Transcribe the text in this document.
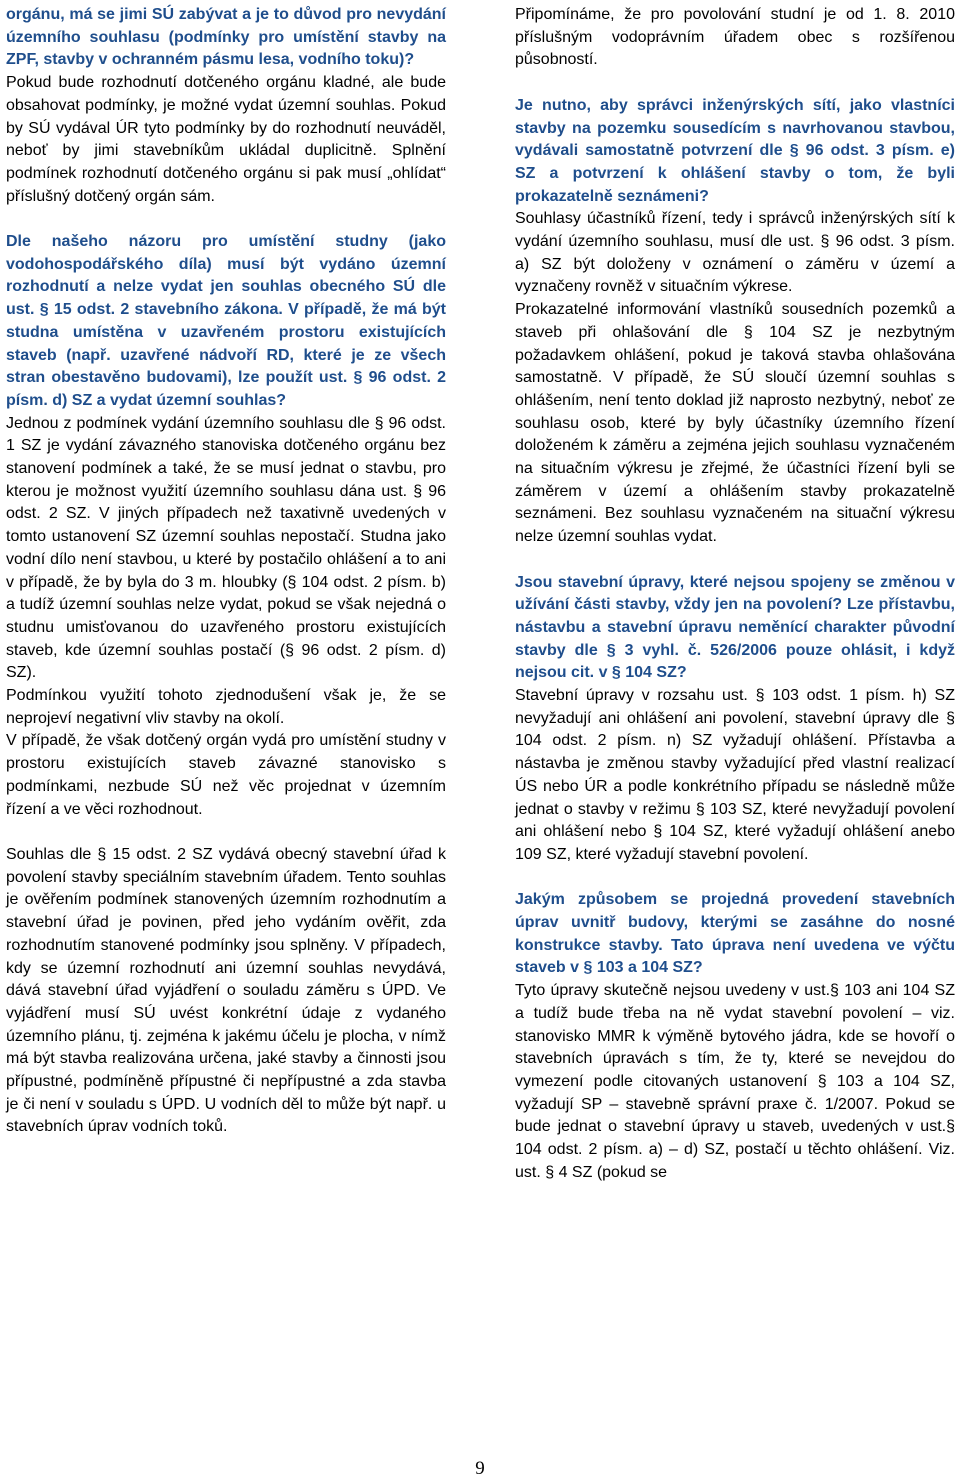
orgánu, má se jimi SÚ zabývat a je to důvod pro nevydání územního souhlasu (podmínky pro umístění stavby na ZPF, stavby v ochranném pásmu lesa, vodního toku)?

Pokud bude rozhodnutí dotčeného orgánu kladné, ale bude obsahovat podmínky, je možné vydat územní souhlas. Pokud by SÚ vydával ÚR tyto podmínky by do rozhodnutí neuváděl, neboť by jimi stavebníkům ukládal duplicitně. Splnění podmínek rozhodnutí dotčeného orgánu si pak musí „ohlídat“ příslušný dotčený orgán sám.

Dle našeho názoru pro umístění studny (jako vodohospodářského díla) musí být vydáno územní rozhodnutí a nelze vydat jen souhlas obecného SÚ dle ust. § 15 odst. 2 stavebního zákona. V případě, že má být studna umístěna v uzavřeném prostoru existujících staveb (např. uzavřené nádvoří RD, které je ze všech stran obestavěno budovami), lze použít ust. § 96 odst. 2 písm. d) SZ a vydat územní souhlas?

Jednou z podmínek vydání územního souhlasu dle § 96 odst. 1 SZ je vydání závazného stanoviska dotčeného orgánu bez stanovení podmínek a také, že se musí jednat o stavbu, pro kterou je možnost využití územního souhlasu dána ust. § 96 odst. 2 SZ. V jiných případech než taxativně uvedených v tomto ustanovení SZ územní souhlas nepostačí. Studna jako vodní dílo není stavbou, u které by postačilo ohlášení a to ani v případě, že by byla do 3 m. hloubky (§ 104 odst. 2 písm. b) a tudíž územní souhlas nelze vydat, pokud se však nejedná o studnu umisťovanou do uzavřeného prostoru existujících staveb, kde územní souhlas postačí (§ 96 odst. 2 písm. d) SZ).

Podmínkou využití tohoto zjednodušení však je, že se neprojeví negativní vliv stavby na okolí.

V případě, že však dotčený orgán vydá pro umístění studny v prostoru existujících staveb závazné stanovisko s podmínkami, nezbude SÚ než věc projednat v územním řízení a ve věci rozhodnout.

Souhlas dle § 15 odst. 2 SZ vydává obecný stavební úřad k povolení stavby speciálním stavebním úřadem. Tento souhlas je ověřením podmínek stanovených územním rozhodnutím a stavební úřad je povinen, před jeho vydáním ověřit, zda rozhodnutím stanovené podmínky jsou splněny. V případech, kdy se územní rozhodnutí ani územní souhlas nevydává, dává stavební úřad vyjádření o souladu záměru s ÚPD. Ve vyjádření musí SÚ uvést konkrétní údaje z vydaného územního plánu, tj. zejména k jakému účelu je plocha, v nímž má být stavba realizována určena, jaké stavby a činnosti jsou přípustné, podmíněně přípustné či nepřípustné a zda stavba je či není v souladu s ÚPD. U vodních děl to může být např. u stavebních úprav vodních toků.

Připomínáme, že pro povolování studní je od 1. 8. 2010 příslušným vodoprávním úřadem obec s rozšířenou působností.

Je nutno, aby správci inženýrských sítí, jako vlastníci stavby na pozemku sousedícím s navrhovanou stavbou, vydávali samostatně potvrzení dle § 96 odst. 3 písm. e) SZ a potvrzení k ohlášení stavby o tom, že byli prokazatelně seznámeni?

Souhlasy účastníků řízení, tedy i správců inženýrských sítí k vydání územního souhlasu, musí dle ust. § 96 odst. 3 písm. a) SZ být doloženy v oznámení o záměru v území a vyznačeny rovněž v situačním výkrese.

Prokazatelné informování vlastníků sousedních pozemků a staveb při ohlašování dle § 104 SZ je nezbytným požadavkem ohlášení, pokud je taková stavba ohlašována samostatně. V případě, že SÚ sloučí územní souhlas s ohlášením, není tento doklad již naprosto nezbytný, neboť ze souhlasu osob, které by byly účastníky územního řízení doloženém k záměru a zejména jejich souhlasu vyznačeném na situačním výkresu je zřejmé, že účastníci řízení byli se záměrem v území a ohlášením stavby prokazatelně seznámeni. Bez souhlasu vyznačeném na situační výkresu nelze územní souhlas vydat.

Jsou stavební úpravy, které nejsou spojeny se změnou v užívání části stavby, vždy jen na povolení? Lze přístavbu, nástavbu a stavební úpravu neměnící charakter původní stavby dle § 3 vyhl. č. 526/2006 pouze ohlásit, i když nejsou cit. v § 104 SZ?

Stavební úpravy v rozsahu ust. § 103 odst. 1 písm. h) SZ nevyžadují ani ohlášení ani povolení, stavební úpravy dle § 104 odst. 2 písm. n) SZ vyžadují ohlášení. Přístavba a nástavba je změnou stavby vyžadující před vlastní realizací ÚS nebo ÚR a podle konkrétního případu se následně může jednat o stavby v režimu § 103 SZ, které nevyžadují povolení ani ohlášení nebo § 104 SZ, které vyžadují ohlášení anebo 109 SZ, které vyžadují stavební povolení.

Jakým způsobem se projedná provedení stavebních úprav uvnitř budovy, kterými se zasáhne do nosné konstrukce stavby. Tato úprava není uvedena ve výčtu staveb v § 103 a 104 SZ?

Tyto úpravy skutečně nejsou uvedeny v ust.§ 103 ani 104 SZ a tudíž bude třeba na ně vydat stavební povolení – viz. stanovisko MMR k výměně bytového jádra, kde se hovoří o stavebních úpravách s tím, že ty, které se nevejdou do vymezení podle citovaných ustanovení § 103 a 104 SZ, vyžadují SP – stavebně správní praxe č. 1/2007. Pokud se bude jednat o stavební úpravy u staveb, uvedených v ust.§ 104 odst. 2 písm. a) – d) SZ, postačí u těchto ohlášení. Viz. ust. § 4 SZ (pokud se

9
